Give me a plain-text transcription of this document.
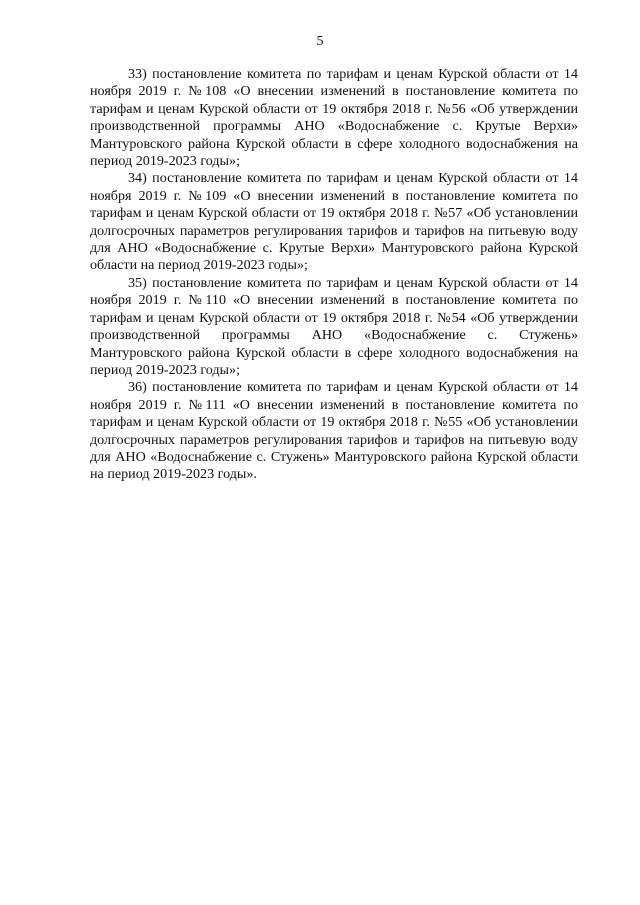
5

33) постановление комитета по тарифам и ценам Курской области от 14 ноября 2019 г. №108 «О внесении изменений в постановление комитета по тарифам и ценам Курской области от 19 октября 2018 г. №56 «Об утверждении производственной программы АНО «Водоснабжение с. Крутые Верхи» Мантуровского района Курской области в сфере холодного водоснабжения на период 2019-2023 годы»;

34) постановление комитета по тарифам и ценам Курской области от 14 ноября 2019 г. №109 «О внесении изменений в постановление комитета по тарифам и ценам Курской области от 19 октября 2018 г. №57 «Об установлении долгосрочных параметров регулирования тарифов и тарифов на питьевую воду для АНО «Водоснабжение с. Крутые Верхи» Мантуровского района Курской области на период 2019-2023 годы»;

35) постановление комитета по тарифам и ценам Курской области от 14 ноября 2019 г. №110 «О внесении изменений в постановление комитета по тарифам и ценам Курской области от 19 октября 2018 г. №54 «Об утверждении производственной программы АНО «Водоснабжение с. Стужень» Мантуровского района Курской области в сфере холодного водоснабжения на период 2019-2023 годы»;

36) постановление комитета по тарифам и ценам Курской области от 14 ноября 2019 г. №111 «О внесении изменений в постановление комитета по тарифам и ценам Курской области от 19 октября 2018 г. №55 «Об установлении долгосрочных параметров регулирования тарифов и тарифов на питьевую воду для АНО «Водоснабжение с. Стужень» Мантуровского района Курской области на период 2019-2023 годы».
